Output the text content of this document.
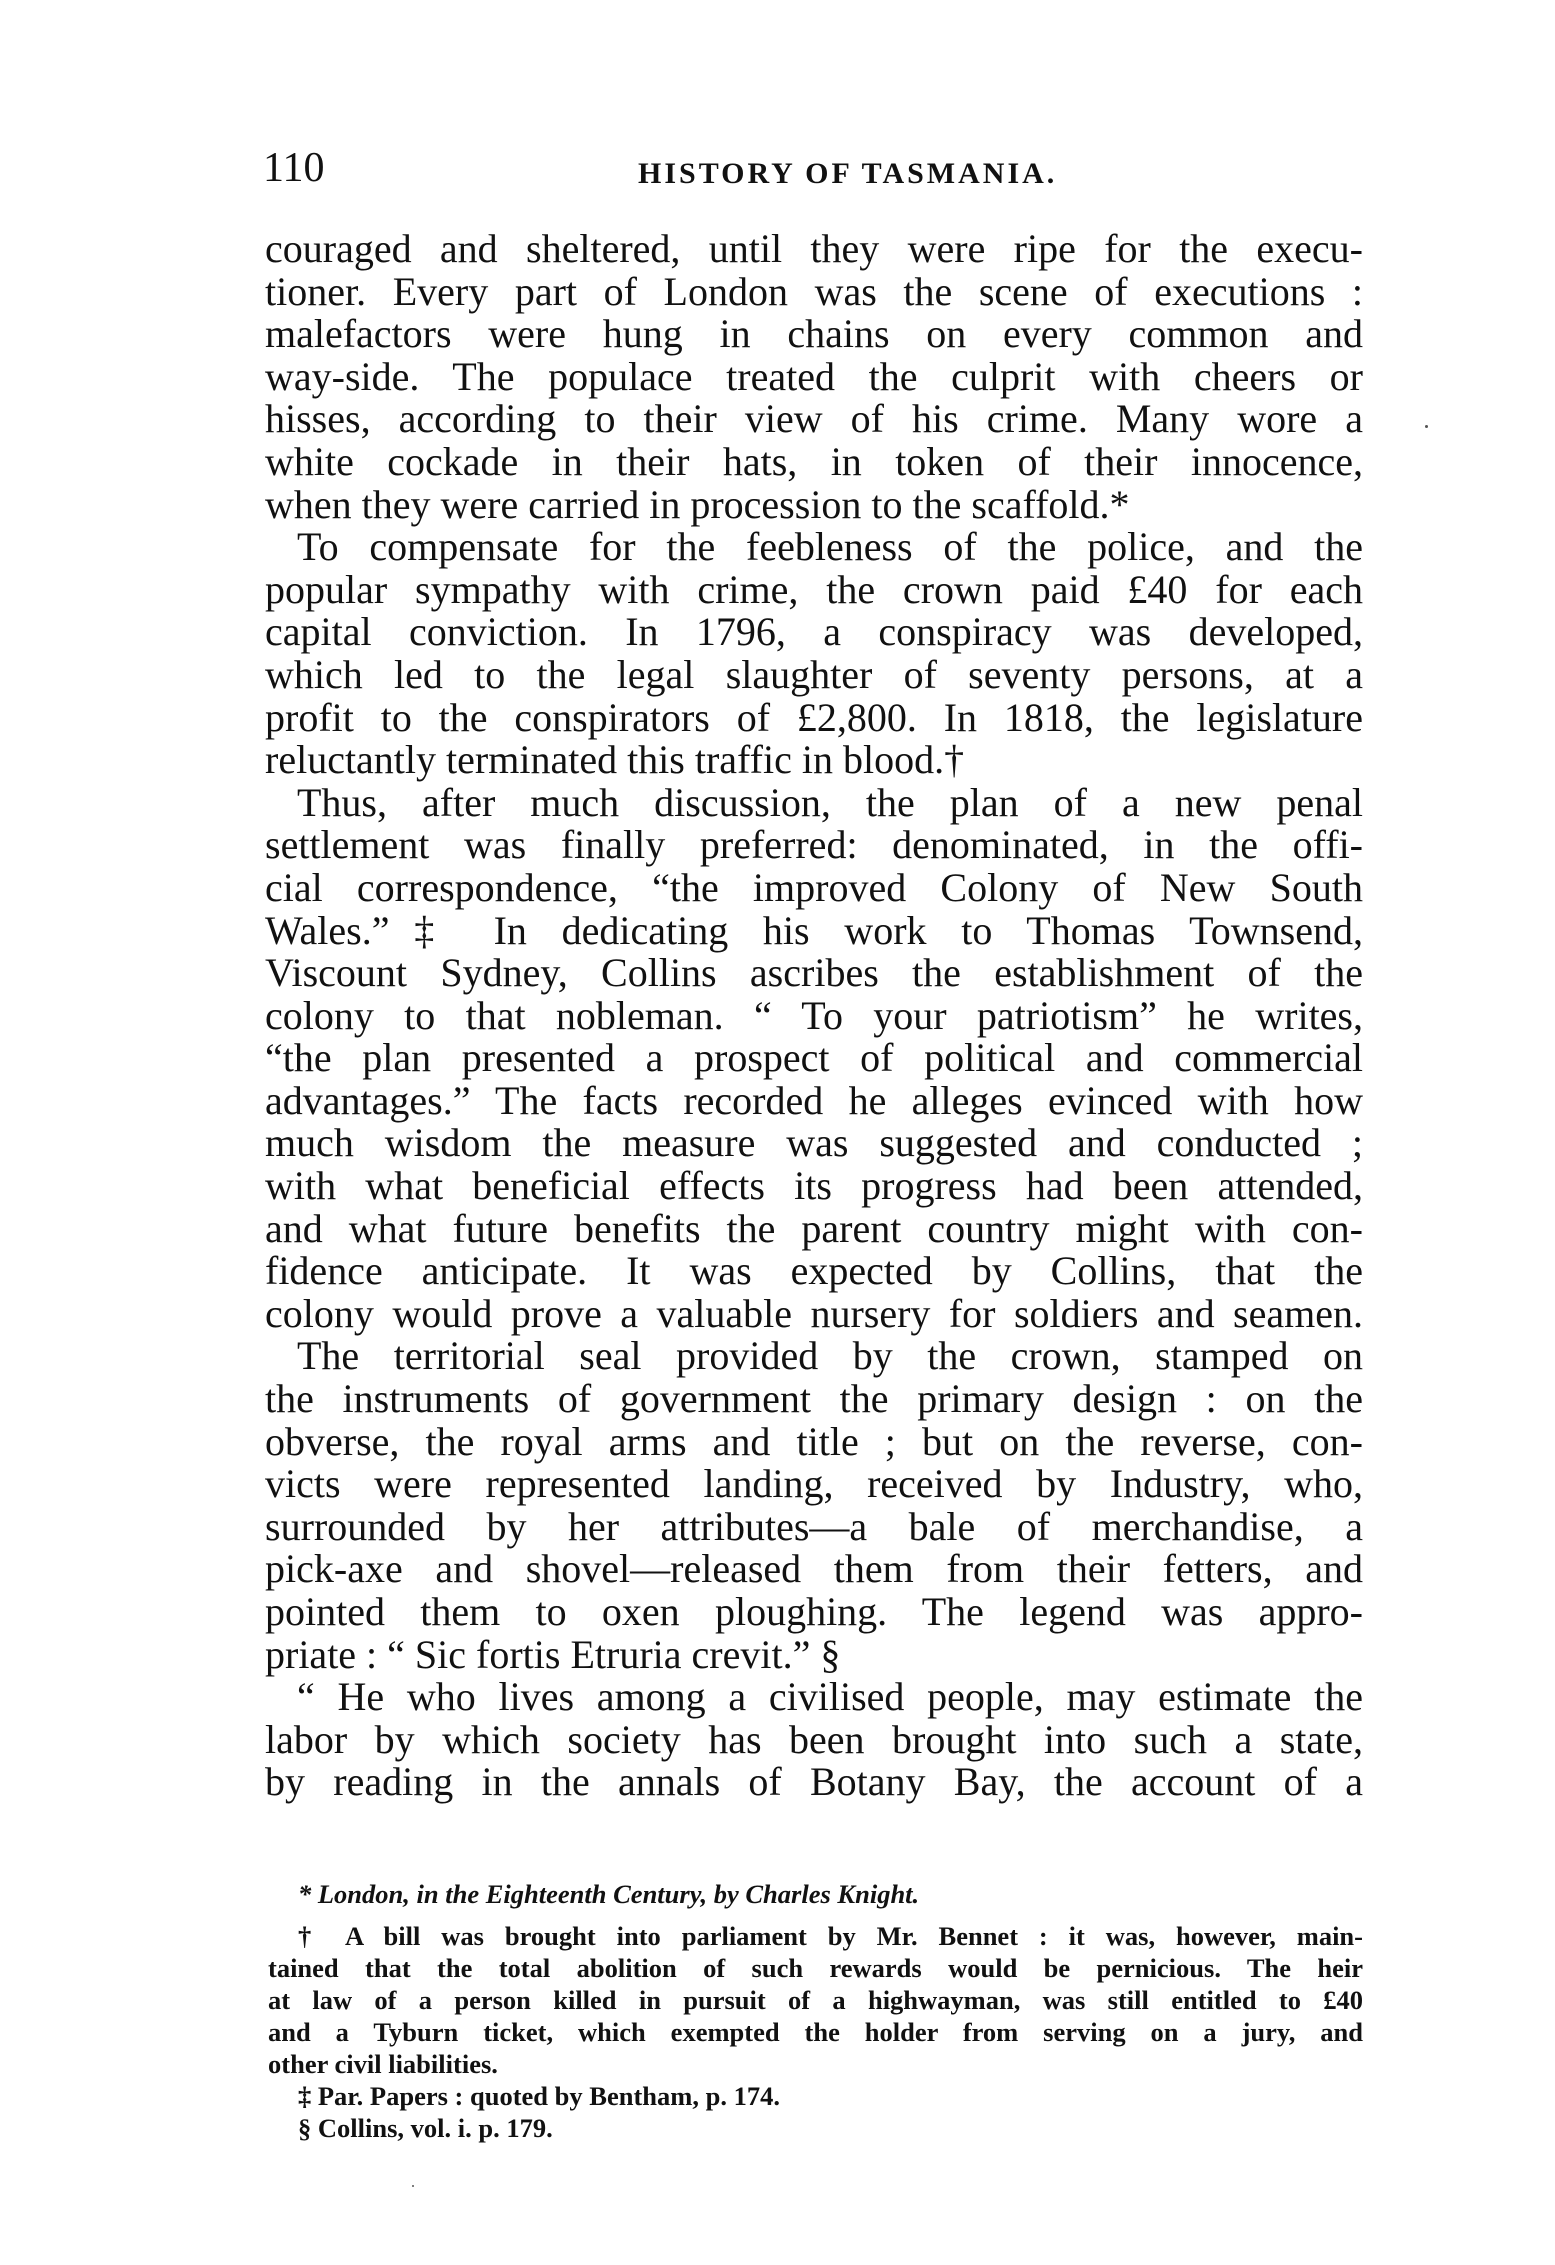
110	HISTORY OF TASMANIA.
couraged and sheltered, until they were ripe for the execu-
tioner. Every part of London was the scene of executions :
malefactors were hung in chains on every common and
way-side. The populace treated the culprit with cheers or
hisses, according to their view of his crime. Many wore a
white cockade in their hats, in token of their innocence,
when they were carried in procession to the scaffold.*
To compensate for the feebleness of the police, and the
popular sympathy with crime, the crown paid £40 for each
capital conviction. In 1796, a conspiracy was developed,
which led to the legal slaughter of seventy persons, at a
profit to the conspirators of £2,800. In 1818, the legislature
reluctantly terminated this traffic in blood.†
Thus, after much discussion, the plan of a new penal
settlement was finally preferred: denominated, in the offi-
cial correspondence, “the improved Colony of New South
Wales.”‡ In dedicating his work to Thomas Townsend,
Viscount Sydney, Collins ascribes the establishment of the
colony to that nobleman. “ To your patriotism” he writes,
“the plan presented a prospect of political and commercial
advantages.” The facts recorded he alleges evinced with how
much wisdom the measure was suggested and conducted ;
with what beneficial effects its progress had been attended,
and what future benefits the parent country might with con-
fidence anticipate. It was expected by Collins, that the
colony would prove a valuable nursery for soldiers and seamen.
The territorial seal provided by the crown, stamped on
the instruments of government the primary design : on the
obverse, the royal arms and title ; but on the reverse, con-
victs were represented landing, received by Industry, who,
surrounded by her attributes—a bale of merchandise, a
pick-axe and shovel—released them from their fetters, and
pointed them to oxen ploughing. The legend was appro-
priate : “ Sic fortis Etruria crevit.” §
“ He who lives among a civilised people, may estimate the
labor by which society has been brought into such a state,
by reading in the annals of Botany Bay, the account of a
* London, in the Eighteenth Century, by Charles Knight.
† A bill was brought into parliament by Mr. Bennet : it was, however, main-
tained that the total abolition of such rewards would be pernicious. The heir
at law of a person killed in pursuit of a highwayman, was still entitled to £40
and a Tyburn ticket, which exempted the holder from serving on a jury, and
other civil liabilities.
‡ Par. Papers : quoted by Bentham, p. 174.
§ Collins, vol. i. p. 179.
